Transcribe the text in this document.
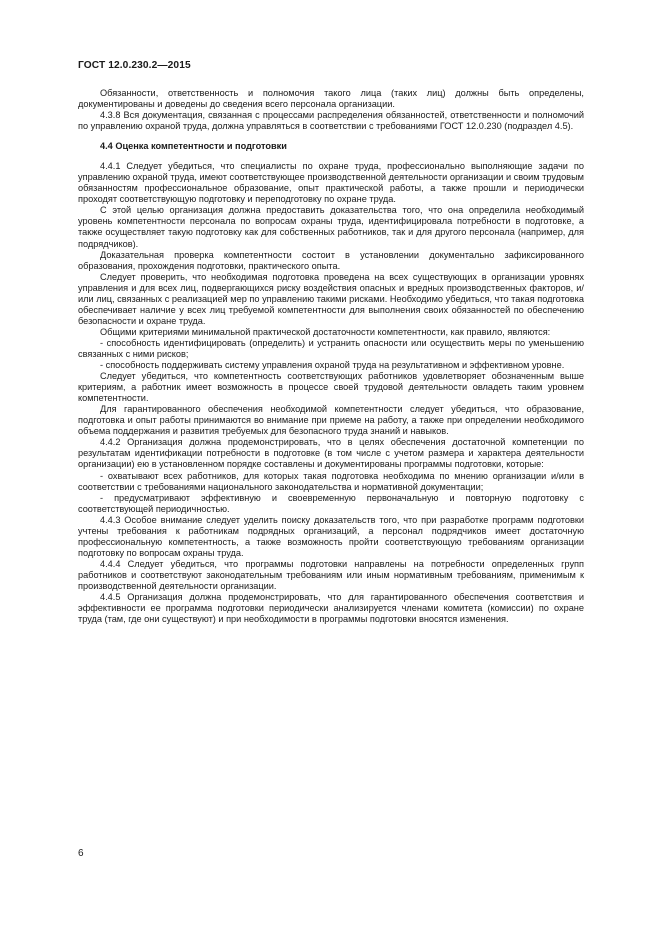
ГОСТ 12.0.230.2—2015

Обязанности, ответственность и полномочия такого лица (таких лиц) должны быть определены, документированы и доведены до сведения всего персонала организации.

4.3.8 Вся документация, связанная с процессами распределения обязанностей, ответственности и полномочий по управлению охраной труда, должна управляться в соответствии с требованиями ГОСТ 12.0.230 (подраздел 4.5).

4.4 Оценка компетентности и подготовки

4.4.1 Следует убедиться, что специалисты по охране труда, профессионально выполняющие задачи по управлению охраной труда, имеют соответствующее производственной деятельности организации и своим трудовым обязанностям профессиональное образование, опыт практической работы, а также прошли и периодически проходят соответствующую подготовку и переподготовку по охране труда.

С этой целью организация должна предоставить доказательства того, что она определила необходимый уровень компетентности персонала по вопросам охраны труда, идентифицировала потребности в подготовке, а также осуществляет такую подготовку как для собственных работников, так и для другого персонала (например, для подрядчиков).

Доказательная проверка компетентности состоит в установлении документально зафиксированного образования, прохождения подготовки, практического опыта.

Следует проверить, что необходимая подготовка проведена на всех существующих в организации уровнях управления и для всех лиц, подвергающихся риску воздействия опасных и вредных производственных факторов, и/или лиц, связанных с реализацией мер по управлению такими рисками. Необходимо убедиться, что такая подготовка обеспечивает наличие у всех лиц требуемой компетентности для выполнения своих обязанностей по обеспечению безопасности и охране труда.

Общими критериями минимальной практической достаточности компетентности, как правило, являются:

- способность идентифицировать (определить) и устранить опасности или осуществить меры по уменьшению связанных с ними рисков;

- способность поддерживать систему управления охраной труда на результативном и эффективном уровне.

Следует убедиться, что компетентность соответствующих работников удовлетворяет обозначенным выше критериям, а работник имеет возможность в процессе своей трудовой деятельности овладеть таким уровнем компетентности.

Для гарантированного обеспечения необходимой компетентности следует убедиться, что образование, подготовка и опыт работы принимаются во внимание при приеме на работу, а также при определении необходимого объема поддержания и развития требуемых для безопасного труда знаний и навыков.

4.4.2 Организация должна продемонстрировать, что в целях обеспечения достаточной компетенции по результатам идентификации потребности в подготовке (в том числе с учетом размера и характера деятельности организации) ею в установленном порядке составлены и документированы программы подготовки, которые:

- охватывают всех работников, для которых такая подготовка необходима по мнению организации и/или в соответствии с требованиями национального законодательства и нормативной документации;

- предусматривают эффективную и своевременную первоначальную и повторную подготовку с соответствующей периодичностью.

4.4.3 Особое внимание следует уделить поиску доказательств того, что при разработке программ подготовки учтены требования к работникам подрядных организаций, а персонал подрядчиков имеет достаточную профессиональную компетентность, а также возможность пройти соответствующую требованиям организации подготовку по вопросам охраны труда.

4.4.4 Следует убедиться, что программы подготовки направлены на потребности определенных групп работников и соответствуют законодательным требованиям или иным нормативным требованиям, применимым к производственной деятельности организации.

4.4.5 Организация должна продемонстрировать, что для гарантированного обеспечения соответствия и эффективности ее программа подготовки периодически анализируется членами комитета (комиссии) по охране труда (там, где они существуют) и при необходимости в программы подготовки вносятся изменения.

6
